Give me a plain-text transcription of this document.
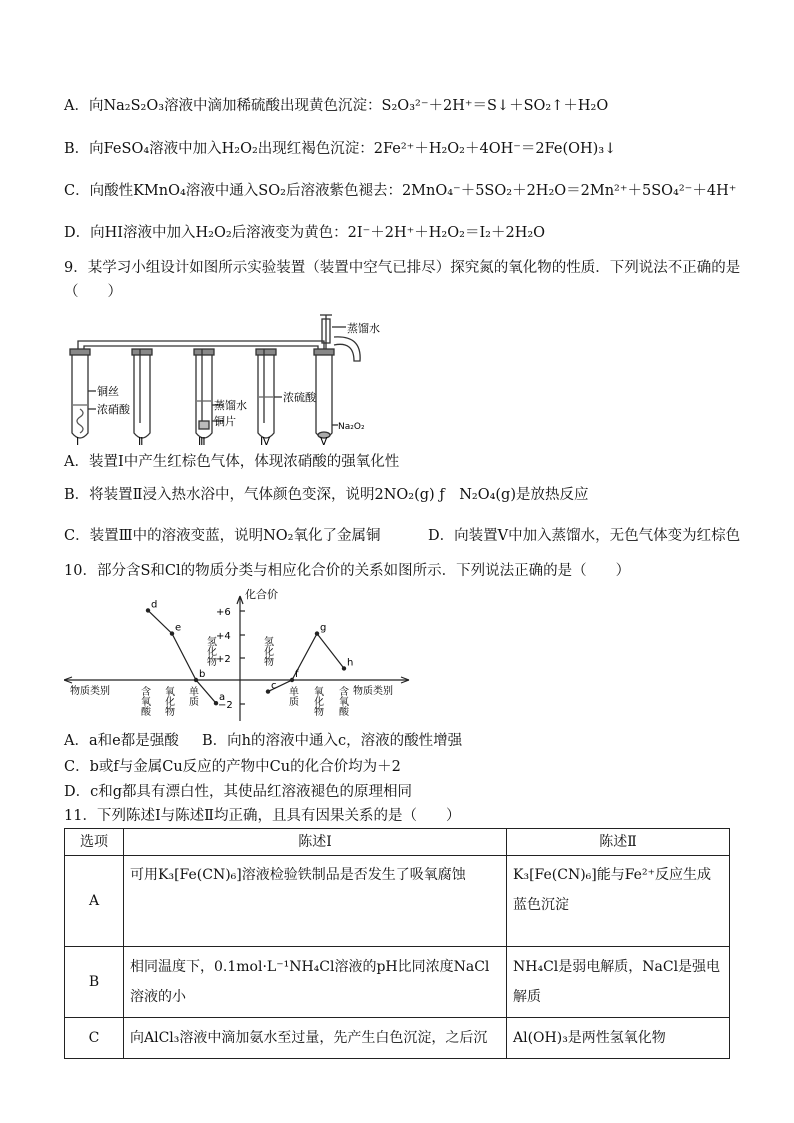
A．向Na₂S₂O₃溶液中滴加稀硫酸出现黄色沉淀：S₂O₃²⁻＋2H⁺＝S↓＋SO₂↑＋H₂O
B．向FeSO₄溶液中加入H₂O₂出现红褐色沉淀：2Fe²⁺＋H₂O₂＋4OH⁻＝2Fe(OH)₃↓
C．向酸性KMnO₄溶液中通入SO₂后溶液紫色褪去：2MnO₄⁻＋5SO₂＋2H₂O＝2Mn²⁺＋5SO₄²⁻＋4H⁺
D．向HI溶液中加入H₂O₂后溶液变为黄色：2I⁻＋2H⁺＋H₂O₂＝I₂＋2H₂O
9．某学习小组设计如图所示实验装置（装置中空气已排尽）探究氮的氧化物的性质．下列说法不正确的是
（　　）
蒸馏水
铜丝
浓硝酸	蒸馏水
铜片
浓硫酸
Na₂O₂
Ⅰ	Ⅱ	Ⅲ	Ⅳ	Ⅴ
A．装置Ⅰ中产生红棕色气体，体现浓硝酸的强氧化性
B．将装置Ⅱ浸入热水浴中，气体颜色变深，说明2NO₂(g) ƒ　N₂O₄(g)是放热反应
C．装置Ⅲ中的溶液变蓝，说明NO₂氧化了金属铜	D．向装置Ⅴ中加入蒸馏水，无色气体变为红棕色
10．部分含S和Cl的物质分类与相应化合价的关系如图所示．下列说法正确的是（　　）
d
e
b
a
c
f
g
h
化合价
+6
+4
+2
−2
物质类别	物质类别
含氧酸 氧化物 单质	单质 氧化物 含氧酸
氢化物	氢化物
A．a和e都是强酸 B．向h的溶液中通入c，溶液的酸性增强
C．b或f与金属Cu反应的产物中Cu的化合价均为＋2
D．c和g都具有漂白性，其使品红溶液褪色的原理相同
11．下列陈述Ⅰ与陈述Ⅱ均正确，且具有因果关系的是（　　）
选项	陈述Ⅰ	陈述Ⅱ
A	可用K₃[Fe(CN)₆]溶液检验铁制品是否发生了吸氧腐蚀	K₃[Fe(CN)₆]能与Fe²⁺反应生成蓝色沉淀
B	相同温度下，0.1mol·L⁻¹NH₄Cl溶液的pH比同浓度NaCl溶液的小	NH₄Cl是弱电解质，NaCl是强电解质
C	向AlCl₃溶液中滴加氨水至过量，先产生白色沉淀，之后沉	Al(OH)₃是两性氢氧化物
